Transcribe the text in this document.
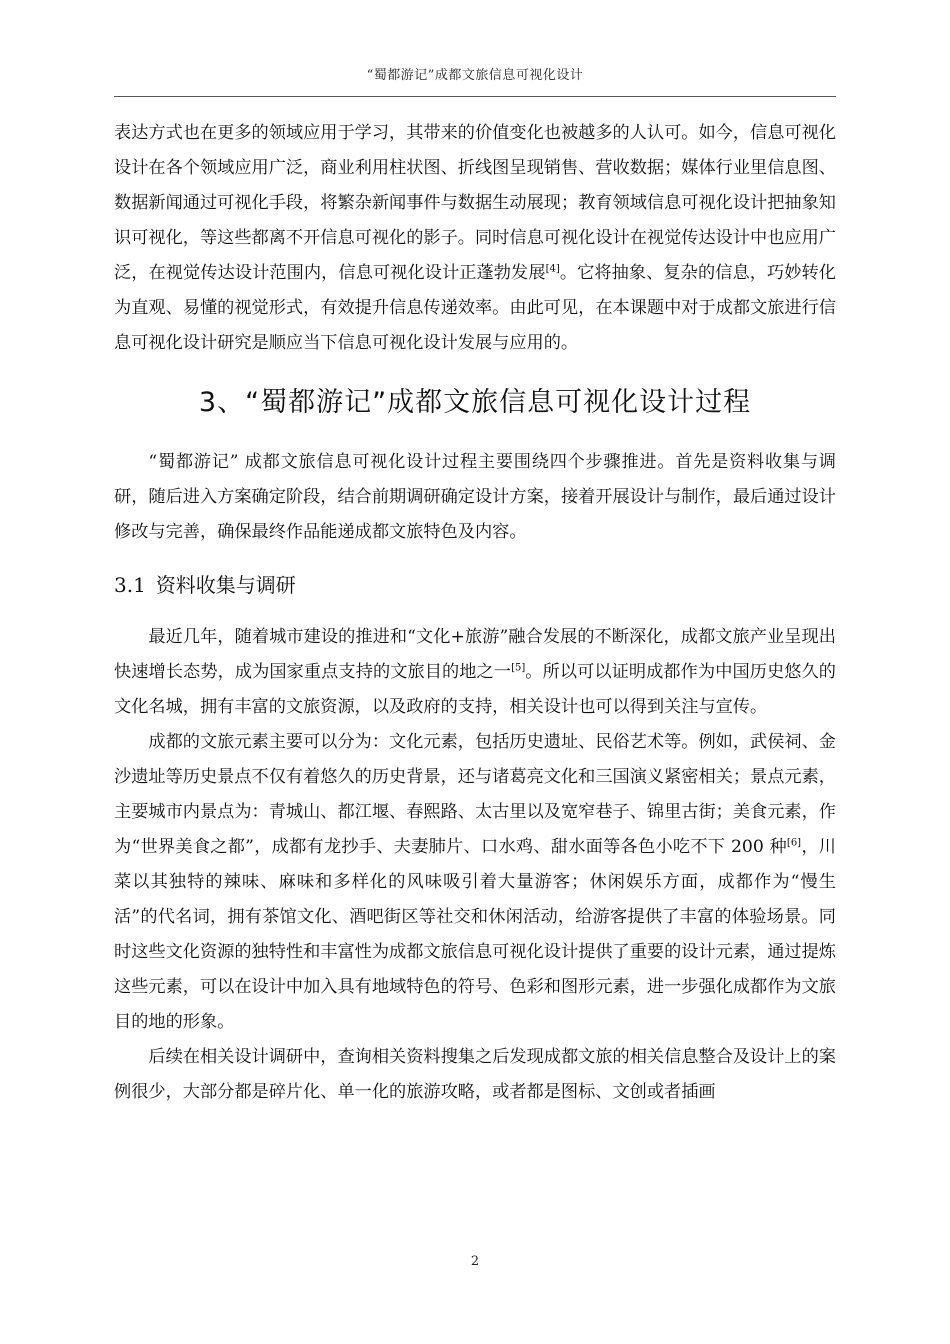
“蜀都游记”成都文旅信息可视化设计

表达方式也在更多的领域应用于学习，其带来的价值变化也被越多的人认可。如今，信息可视化设计在各个领域应用广泛，商业利用柱状图、折线图呈现销售、营收数据；媒体行业里信息图、数据新闻通过可视化手段，将繁杂新闻事件与数据生动展现；教育领域信息可视化设计把抽象知识可视化，等这些都离不开信息可视化的影子。同时信息可视化设计在视觉传达设计中也应用广泛，在视觉传达设计范围内，信息可视化设计正蓬勃发展[4]。它将抽象、复杂的信息，巧妙转化为直观、易懂的视觉形式，有效提升信息传递效率。由此可见，在本课题中对于成都文旅进行信息可视化设计研究是顺应当下信息可视化设计发展与应用的。

3、“蜀都游记”成都文旅信息可视化设计过程

“蜀都游记” 成都文旅信息可视化设计过程主要围绕四个步骤推进。首先是资料收集与调研，随后进入方案确定阶段，结合前期调研确定设计方案，接着开展设计与制作，最后通过设计修改与完善，确保最终作品能递成都文旅特色及内容。

3.1 资料收集与调研

最近几年，随着城市建设的推进和“文化+旅游”融合发展的不断深化，成都文旅产业呈现出快速增长态势，成为国家重点支持的文旅目的地之一[5]。所以可以证明成都作为中国历史悠久的文化名城，拥有丰富的文旅资源，以及政府的支持，相关设计也可以得到关注与宣传。

成都的文旅元素主要可以分为：文化元素，包括历史遗址、民俗艺术等。例如，武侯祠、金沙遗址等历史景点不仅有着悠久的历史背景，还与诸葛亮文化和三国演义紧密相关；景点元素，主要城市内景点为：青城山、都江堰、春熙路、太古里以及宽窄巷子、锦里古街；美食元素，作为“世界美食之都”，成都有龙抄手、夫妻肺片、口水鸡、甜水面等各色小吃不下 200 种[6]，川菜以其独特的辣味、麻味和多样化的风味吸引着大量游客；休闲娱乐方面，成都作为“慢生活”的代名词，拥有茶馆文化、酒吧街区等社交和休闲活动，给游客提供了丰富的体验场景。同时这些文化资源的独特性和丰富性为成都文旅信息可视化设计提供了重要的设计元素，通过提炼这些元素，可以在设计中加入具有地域特色的符号、色彩和图形元素，进一步强化成都作为文旅目的地的形象。

后续在相关设计调研中，查询相关资料搜集之后发现成都文旅的相关信息整合及设计上的案例很少，大部分都是碎片化、单一化的旅游攻略，或者都是图标、文创或者插画

2
